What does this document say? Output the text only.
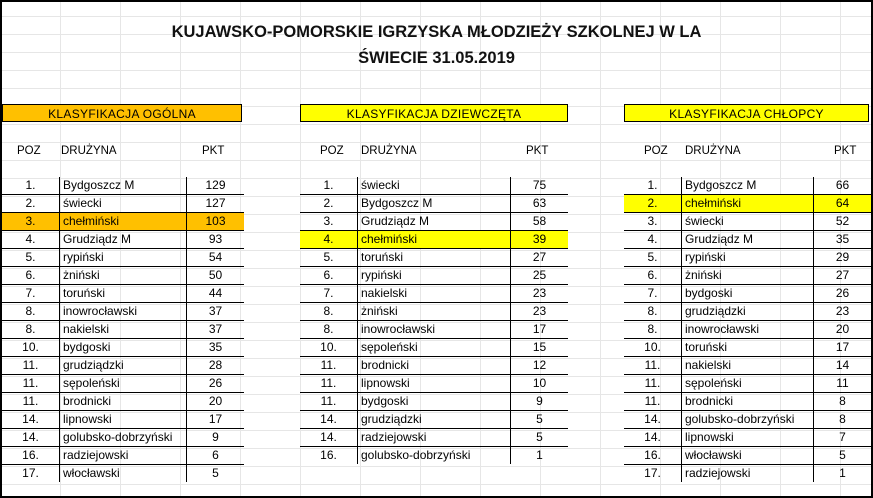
KUJAWSKO-POMORSKIE IGRZYSKA MŁODZIEŻY SZKOLNEJ W LA
ŚWIECIE 31.05.2019
KLASYFIKACJA OGÓLNA
POZ DRUŻYNA	PKT
1.	Bydgoszcz M	129
2.	świecki	127
3.	chełmiński	103
4.	Grudziądz M	93
5.	rypiński	54
6.	żniński	50
7.	toruński	44
8.	inowrocławski	37
8.	nakielski	37
10.	bydgoski	35
11.	grudziądzki	28
11.	sępoleński	26
11.	brodnicki	20
14.	lipnowski	17
14.	golubsko-dobrzyński	9
16.	radziejowski	6
17.	włocławski	5
KLASYFIKACJA DZIEWCZĘTA
POZ DRUŻYNA	PKT
1.	świecki	75
2.	Bydgoszcz M	63
3.	Grudziądz M	58
4.	chełmiński	39
5.	toruński	27
6.	rypiński	25
7.	nakielski	23
8.	żniński	23
8.	inowrocławski	17
10.	sępoleński	15
11.	brodnicki	12
11.	lipnowski	10
11.	bydgoski	9
14.	grudziądzki	5
14.	radziejowski	5
16.	golubsko-dobrzyński	1
KLASYFIKACJA CHŁOPCY
POZ DRUŻYNA	PKT
1.	Bydgoszcz M	66
2.	chełmiński	64
3.	świecki	52
4.	Grudziądz M	35
5.	rypiński	29
6.	żniński	27
7.	bydgoski	26
8.	grudziądzki	23
8.	inowrocławski	20
10.	toruński	17
11.	nakielski	14
11.	sępoleński	11
11.	brodnicki	8
14.	golubsko-dobrzyński	8
14.	lipnowski	7
16.	włocławski	5
17.	radziejowski	1
